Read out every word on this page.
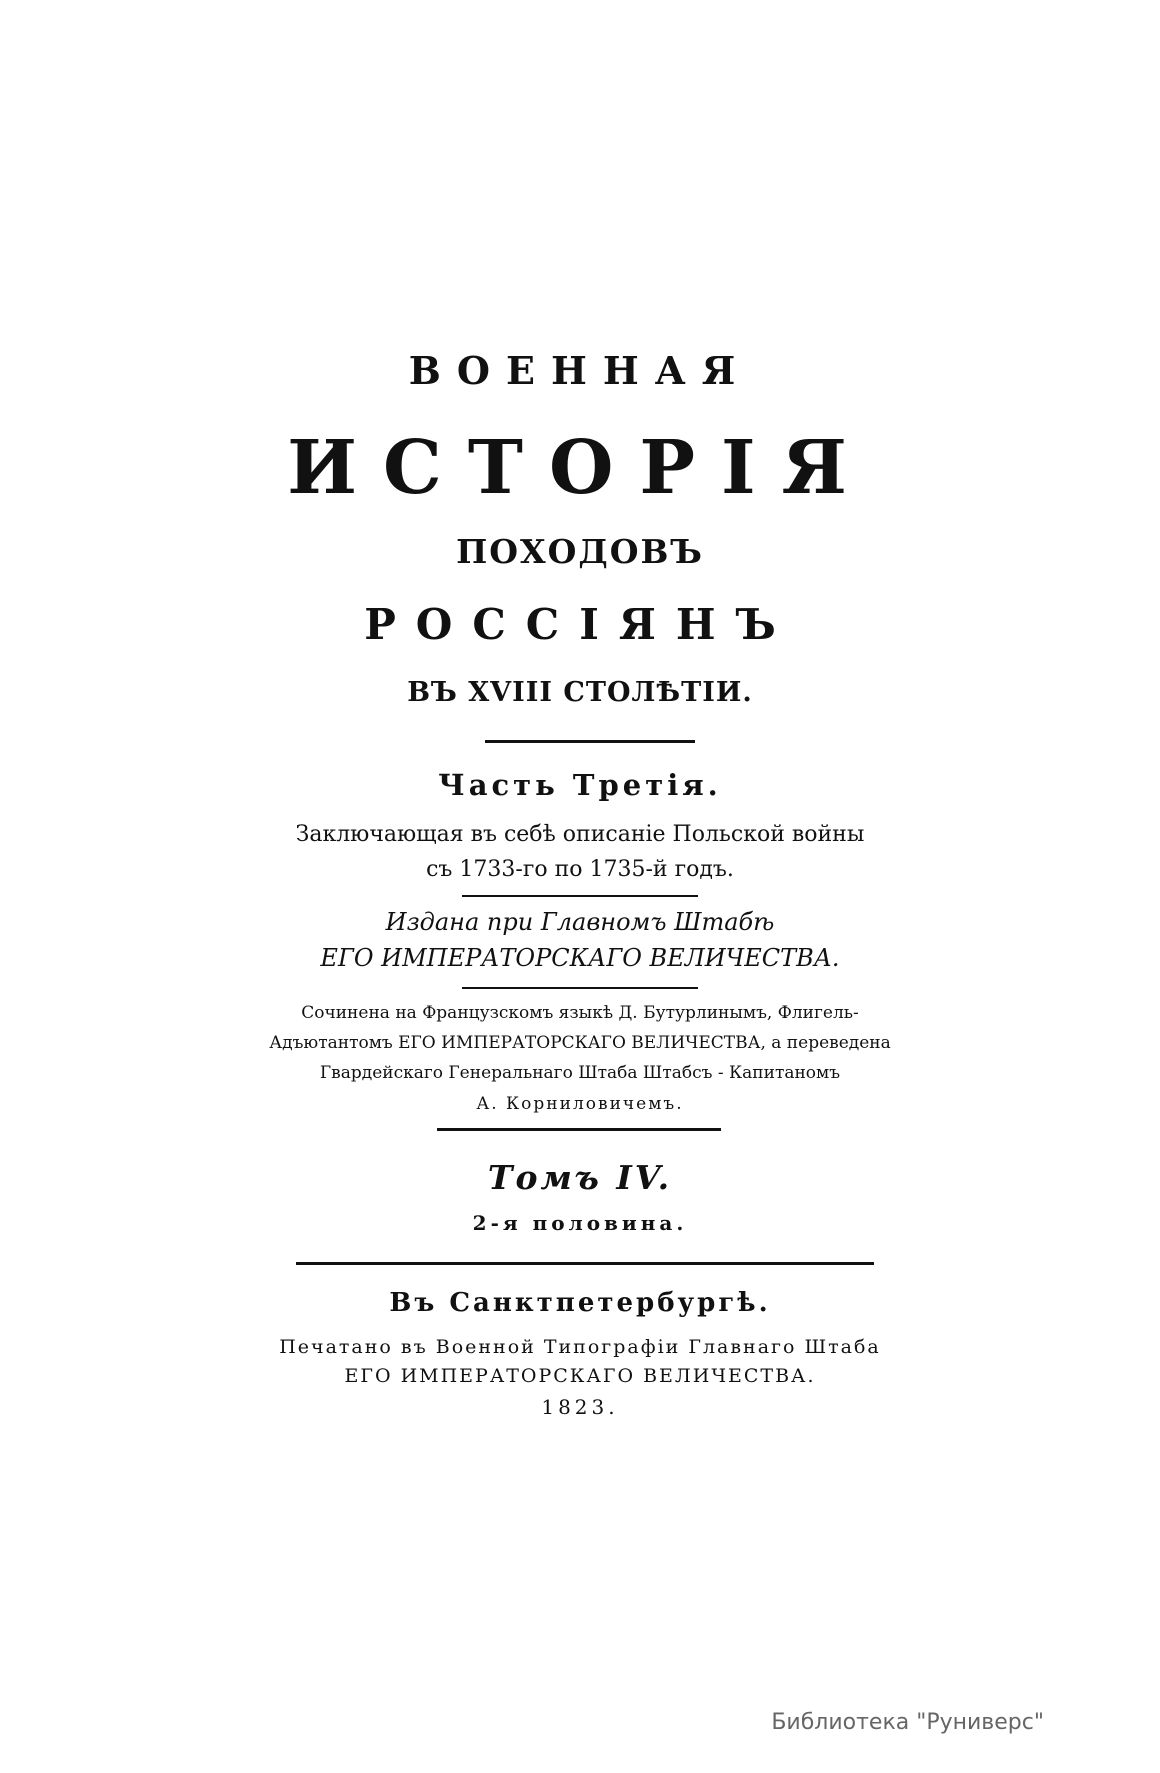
ВОЕННАЯ
ИСТОРІЯ
ПОХОДОВЪ
РОССІЯНЪ
ВЪ XVIII СТОЛѢТІИ.
Часть Третія.
Заключающая въ себѣ описаніе Польской войны
съ 1733-го по 1735-й годъ.
Издана при Главномъ Штабѣ
ЕГО ИМПЕРАТОРСКАГО ВЕЛИЧЕСТВА.
Сочинена на Французскомъ языкѣ Д. Бутурлинымъ, Флигель-
Адъютантомъ ЕГО ИМПЕРАТОРСКАГО ВЕЛИЧЕСТВА, а переведена
Гвардейскаго Генеральнаго Штаба Штабсъ - Капитаномъ
А. Корниловичемъ.
Томъ IV.
2-я половина.
Въ Санктпетербургѣ.
Печатано въ Военной Типографіи Главнаго Штаба
ЕГО ИМПЕРАТОРСКАГО ВЕЛИЧЕСТВА.
1823.
Библиотека "Руниверс"
